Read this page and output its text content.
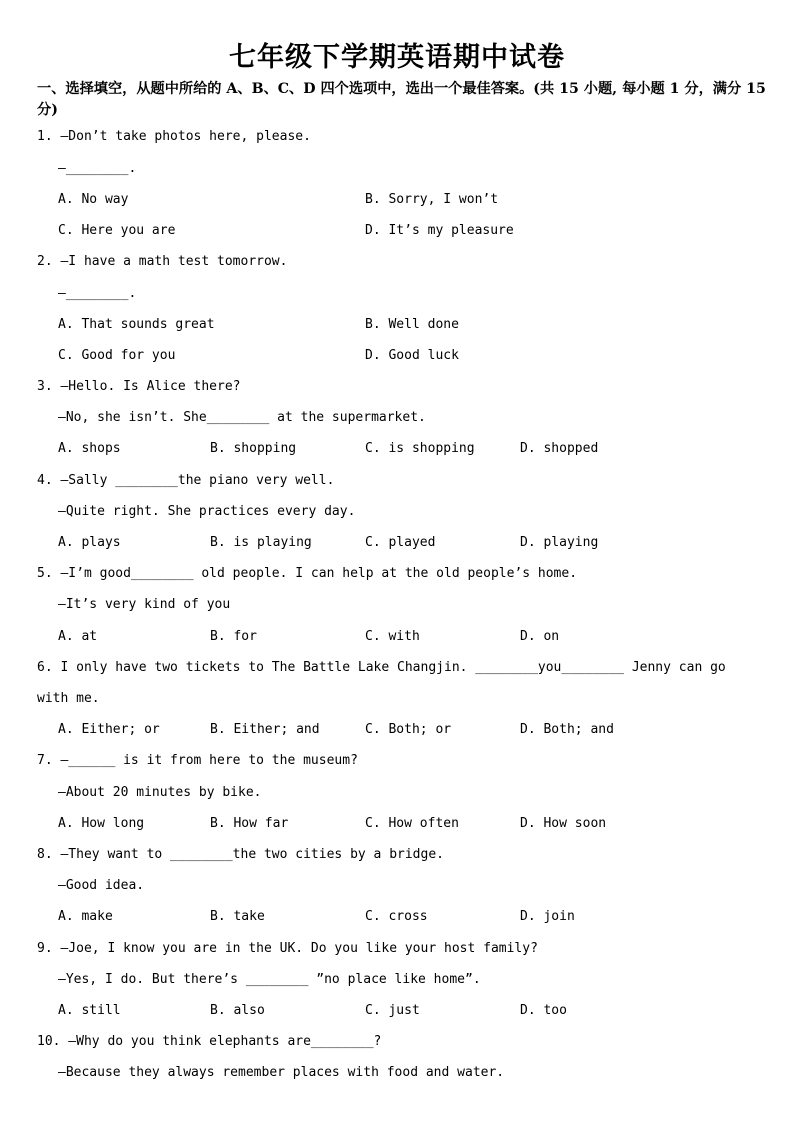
七年级下学期英语期中试卷
一、选择填空，从题中所给的 A、B、C、D 四个选项中，选出一个最佳答案。(共 15 小题, 每小题 1 分，满分 15 分)
1. —Don’t take photos here, please.
—________.
A. No way	B. Sorry, I won’t
C. Here you are	D. It’s my pleasure
2. —I have a math test tomorrow.
—________.
A. That sounds great	B. Well done
C. Good for you	D. Good luck
3. —Hello. Is Alice there?
—No, she isn’t. She________ at the supermarket.
A. shops	B. shopping	C. is shopping	D. shopped
4. —Sally ________the piano very well.
—Quite right. She practices every day.
A. plays	B. is playing	C. played	D. playing
5. —I’m good________ old people. I can help at the old people’s home.
—It’s very kind of you
A. at	B. for	C. with	D. on
6. I only have two tickets to The Battle Lake Changjin. ________you________ Jenny can go
with me.
A. Either; or	B. Either; and	C. Both; or	D. Both; and
7. —______ is it from here to the museum?
—About 20 minutes by bike.
A. How long	B. How far	C. How often	D. How soon
8. —They want to ________the two cities by a bridge.
—Good idea.
A. make	B. take	C. cross	D. join
9. —Joe, I know you are in the UK. Do you like your host family?
—Yes, I do. But there’s ________ ”no place like home”.
A. still	B. also	C. just	D. too
10. —Why do you think elephants are________?
—Because they always remember places with food and water.
